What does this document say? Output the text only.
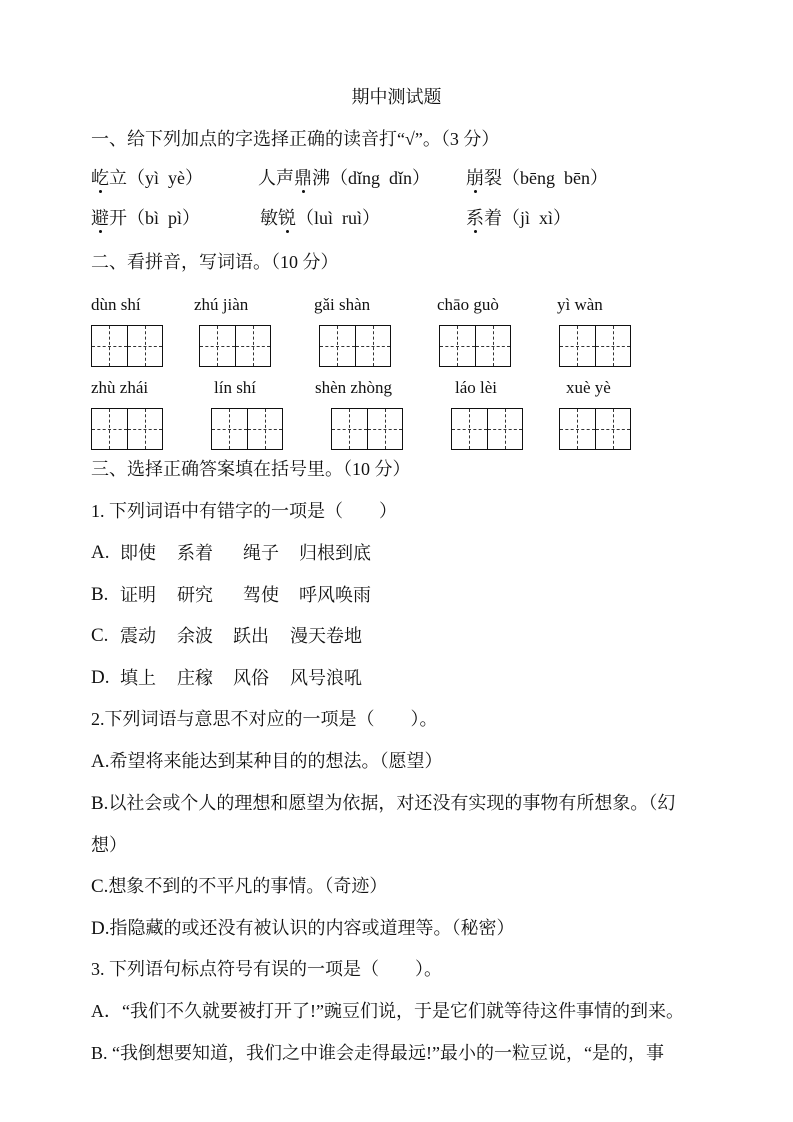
期中测试题
一、给下列加点的字选择正确的读音打“√”。（3 分）
屹立（yì  yè）	人声鼎沸（dǐng  dǐn） 崩裂（bēng  bēn）
避开（bì  pì）	敏锐（luì  ruì）	系着（jì  xì）
二、看拼音，写词语。（10 分）
dùn shí	zhú jiàn	gǎi shàn	chāo guò	yì wàn
zhù zhái	lín shí	shèn zhòng	láo lèi	xuè yè
三、选择正确答案填在括号里。（10 分）
1. 下列词语中有错字的一项是（　　）
A. 即使 系着 绳子 归根到底
B. 证明 研究 驾使 呼风唤雨
C. 震动 余波 跃出 漫天卷地
D. 填上 庄稼 风俗 风号浪吼
2.下列词语与意思不对应的一项是（　　）。
A.希望将来能达到某种目的的想法。（愿望）
B.以社会或个人的理想和愿望为依据，对还没有实现的事物有所想象。（幻
想）
C.想象不到的不平凡的事情。（奇迹）
D.指隐藏的或还没有被认识的内容或道理等。（秘密）
3. 下列语句标点符号有误的一项是（　　）。
A．“我们不久就要被打开了!”豌豆们说，于是它们就等待这件事情的到来。
B. “我倒想要知道，我们之中谁会走得最远!”最小的一粒豆说，“是的，事
